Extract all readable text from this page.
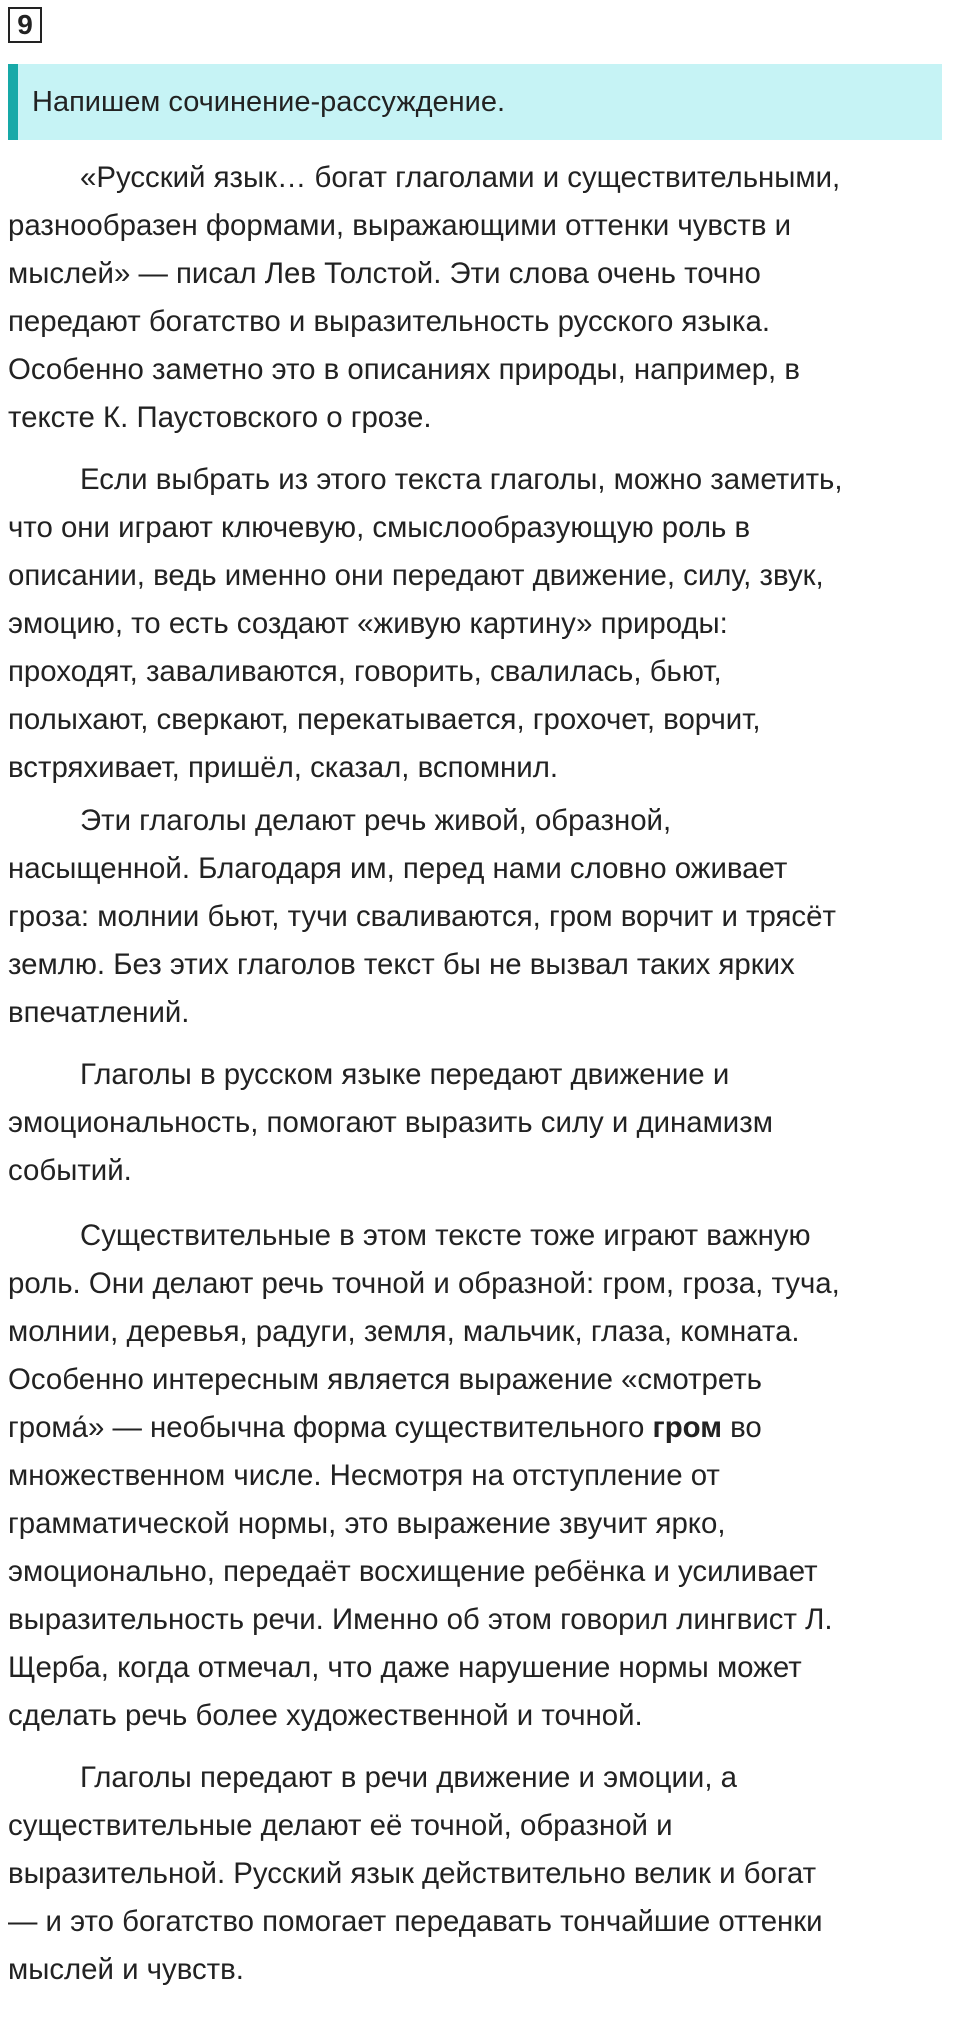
9
Напишем сочинение-рассуждение.

«Русский язык… богат глаголами и существительными,
разнообразен формами, выражающими оттенки чувств и
мыслей» — писал Лев Толстой. Эти слова очень точно
передают богатство и выразительность русского языка.
Особенно заметно это в описаниях природы, например, в
тексте К. Паустовского о грозе.

Если выбрать из этого текста глаголы, можно заметить,
что они играют ключевую, смыслообразующую роль в
описании, ведь именно они передают движение, силу, звук,
эмоцию, то есть создают «живую картину» природы:
проходят, заваливаются, говорить, свалилась, бьют,
полыхают, сверкают, перекатывается, грохочет, ворчит,
встряхивает, пришёл, сказал, вспомнил.

Эти глаголы делают речь живой, образной,
насыщенной. Благодаря им, перед нами словно оживает
гроза: молнии бьют, тучи сваливаются, гром ворчит и трясёт
землю. Без этих глаголов текст бы не вызвал таких ярких
впечатлений.

Глаголы в русском языке передают движение и
эмоциональность, помогают выразить силу и динамизм
событий.

Существительные в этом тексте тоже играют важную
роль. Они делают речь точной и образной: гром, гроза, туча,
молнии, деревья, радуги, земля, мальчик, глаза, комната.
Особенно интересным является выражение «смотреть
грома́» — необычна форма существительного гром во
множественном числе. Несмотря на отступление от
грамматической нормы, это выражение звучит ярко,
эмоционально, передаёт восхищение ребёнка и усиливает
выразительность речи. Именно об этом говорил лингвист Л.
Щерба, когда отмечал, что даже нарушение нормы может
сделать речь более художественной и точной.

Глаголы передают в речи движение и эмоции, а
существительные делают её точной, образной и
выразительной. Русский язык действительно велик и богат
— и это богатство помогает передавать тончайшие оттенки
мыслей и чувств.
